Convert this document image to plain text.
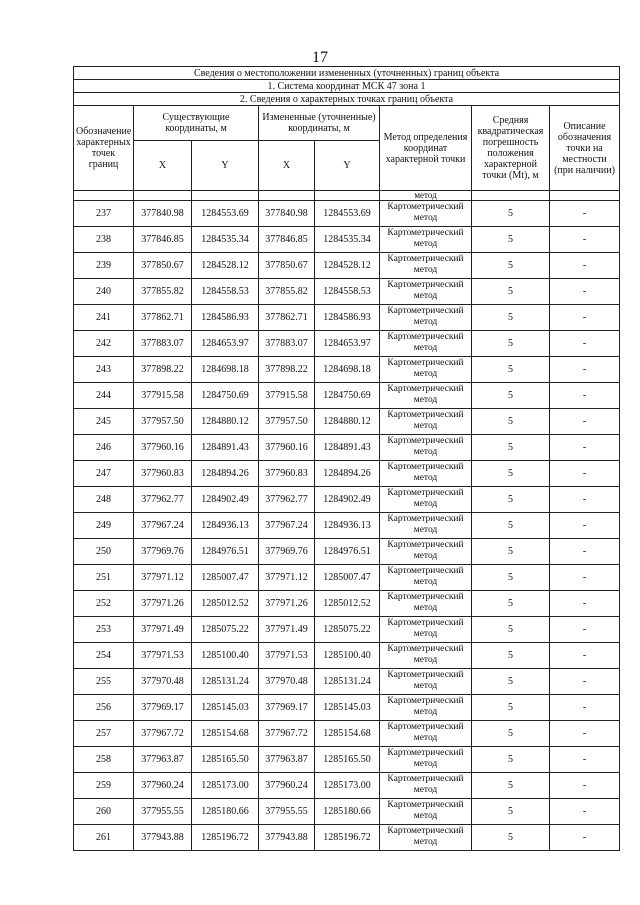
17
Сведения о местоположении измененных (уточненных) границ объекта							
1. Система координат МСК 47 зона 1							
2. Сведения о характерных точках границ объекта							
Обозначение характерных точек границ	Существующие координаты, м		Измененные (уточненные) координаты, м		Метод определения координат характерной точки	Средняя квадратическая погрешность положения характерной точки (Mt), м	Описание обозначения точки на местности (при наличии)
	X	Y	X	Y			
					метод		
237	377840.98	1284553.69	377840.98	1284553.69	Картометрический метод	5	-
238	377846.85	1284535.34	377846.85	1284535.34	Картометрический метод	5	-
239	377850.67	1284528.12	377850.67	1284528.12	Картометрический метод	5	-
240	377855.82	1284558.53	377855.82	1284558.53	Картометрический метод	5	-
241	377862.71	1284586.93	377862.71	1284586.93	Картометрический метод	5	-
242	377883.07	1284653.97	377883.07	1284653.97	Картометрический метод	5	-
243	377898.22	1284698.18	377898.22	1284698.18	Картометрический метод	5	-
244	377915.58	1284750.69	377915.58	1284750.69	Картометрический метод	5	-
245	377957.50	1284880.12	377957.50	1284880.12	Картометрический метод	5	-
246	377960.16	1284891.43	377960.16	1284891.43	Картометрический метод	5	-
247	377960.83	1284894.26	377960.83	1284894.26	Картометрический метод	5	-
248	377962.77	1284902.49	377962.77	1284902.49	Картометрический метод	5	-
249	377967.24	1284936.13	377967.24	1284936.13	Картометрический метод	5	-
250	377969.76	1284976.51	377969.76	1284976.51	Картометрический метод	5	-
251	377971.12	1285007.47	377971.12	1285007.47	Картометрический метод	5	-
252	377971.26	1285012.52	377971.26	1285012.52	Картометрический метод	5	-
253	377971.49	1285075.22	377971.49	1285075.22	Картометрический метод	5	-
254	377971.53	1285100.40	377971.53	1285100.40	Картометрический метод	5	-
255	377970.48	1285131.24	377970.48	1285131.24	Картометрический метод	5	-
256	377969.17	1285145.03	377969.17	1285145.03	Картометрический метод	5	-
257	377967.72	1285154.68	377967.72	1285154.68	Картометрический метод	5	-
258	377963.87	1285165.50	377963.87	1285165.50	Картометрический метод	5	-
259	377960.24	1285173.00	377960.24	1285173.00	Картометрический метод	5	-
260	377955.55	1285180.66	377955.55	1285180.66	Картометрический метод	5	-
261	377943.88	1285196.72	377943.88	1285196.72	Картометрический метод	5	-
